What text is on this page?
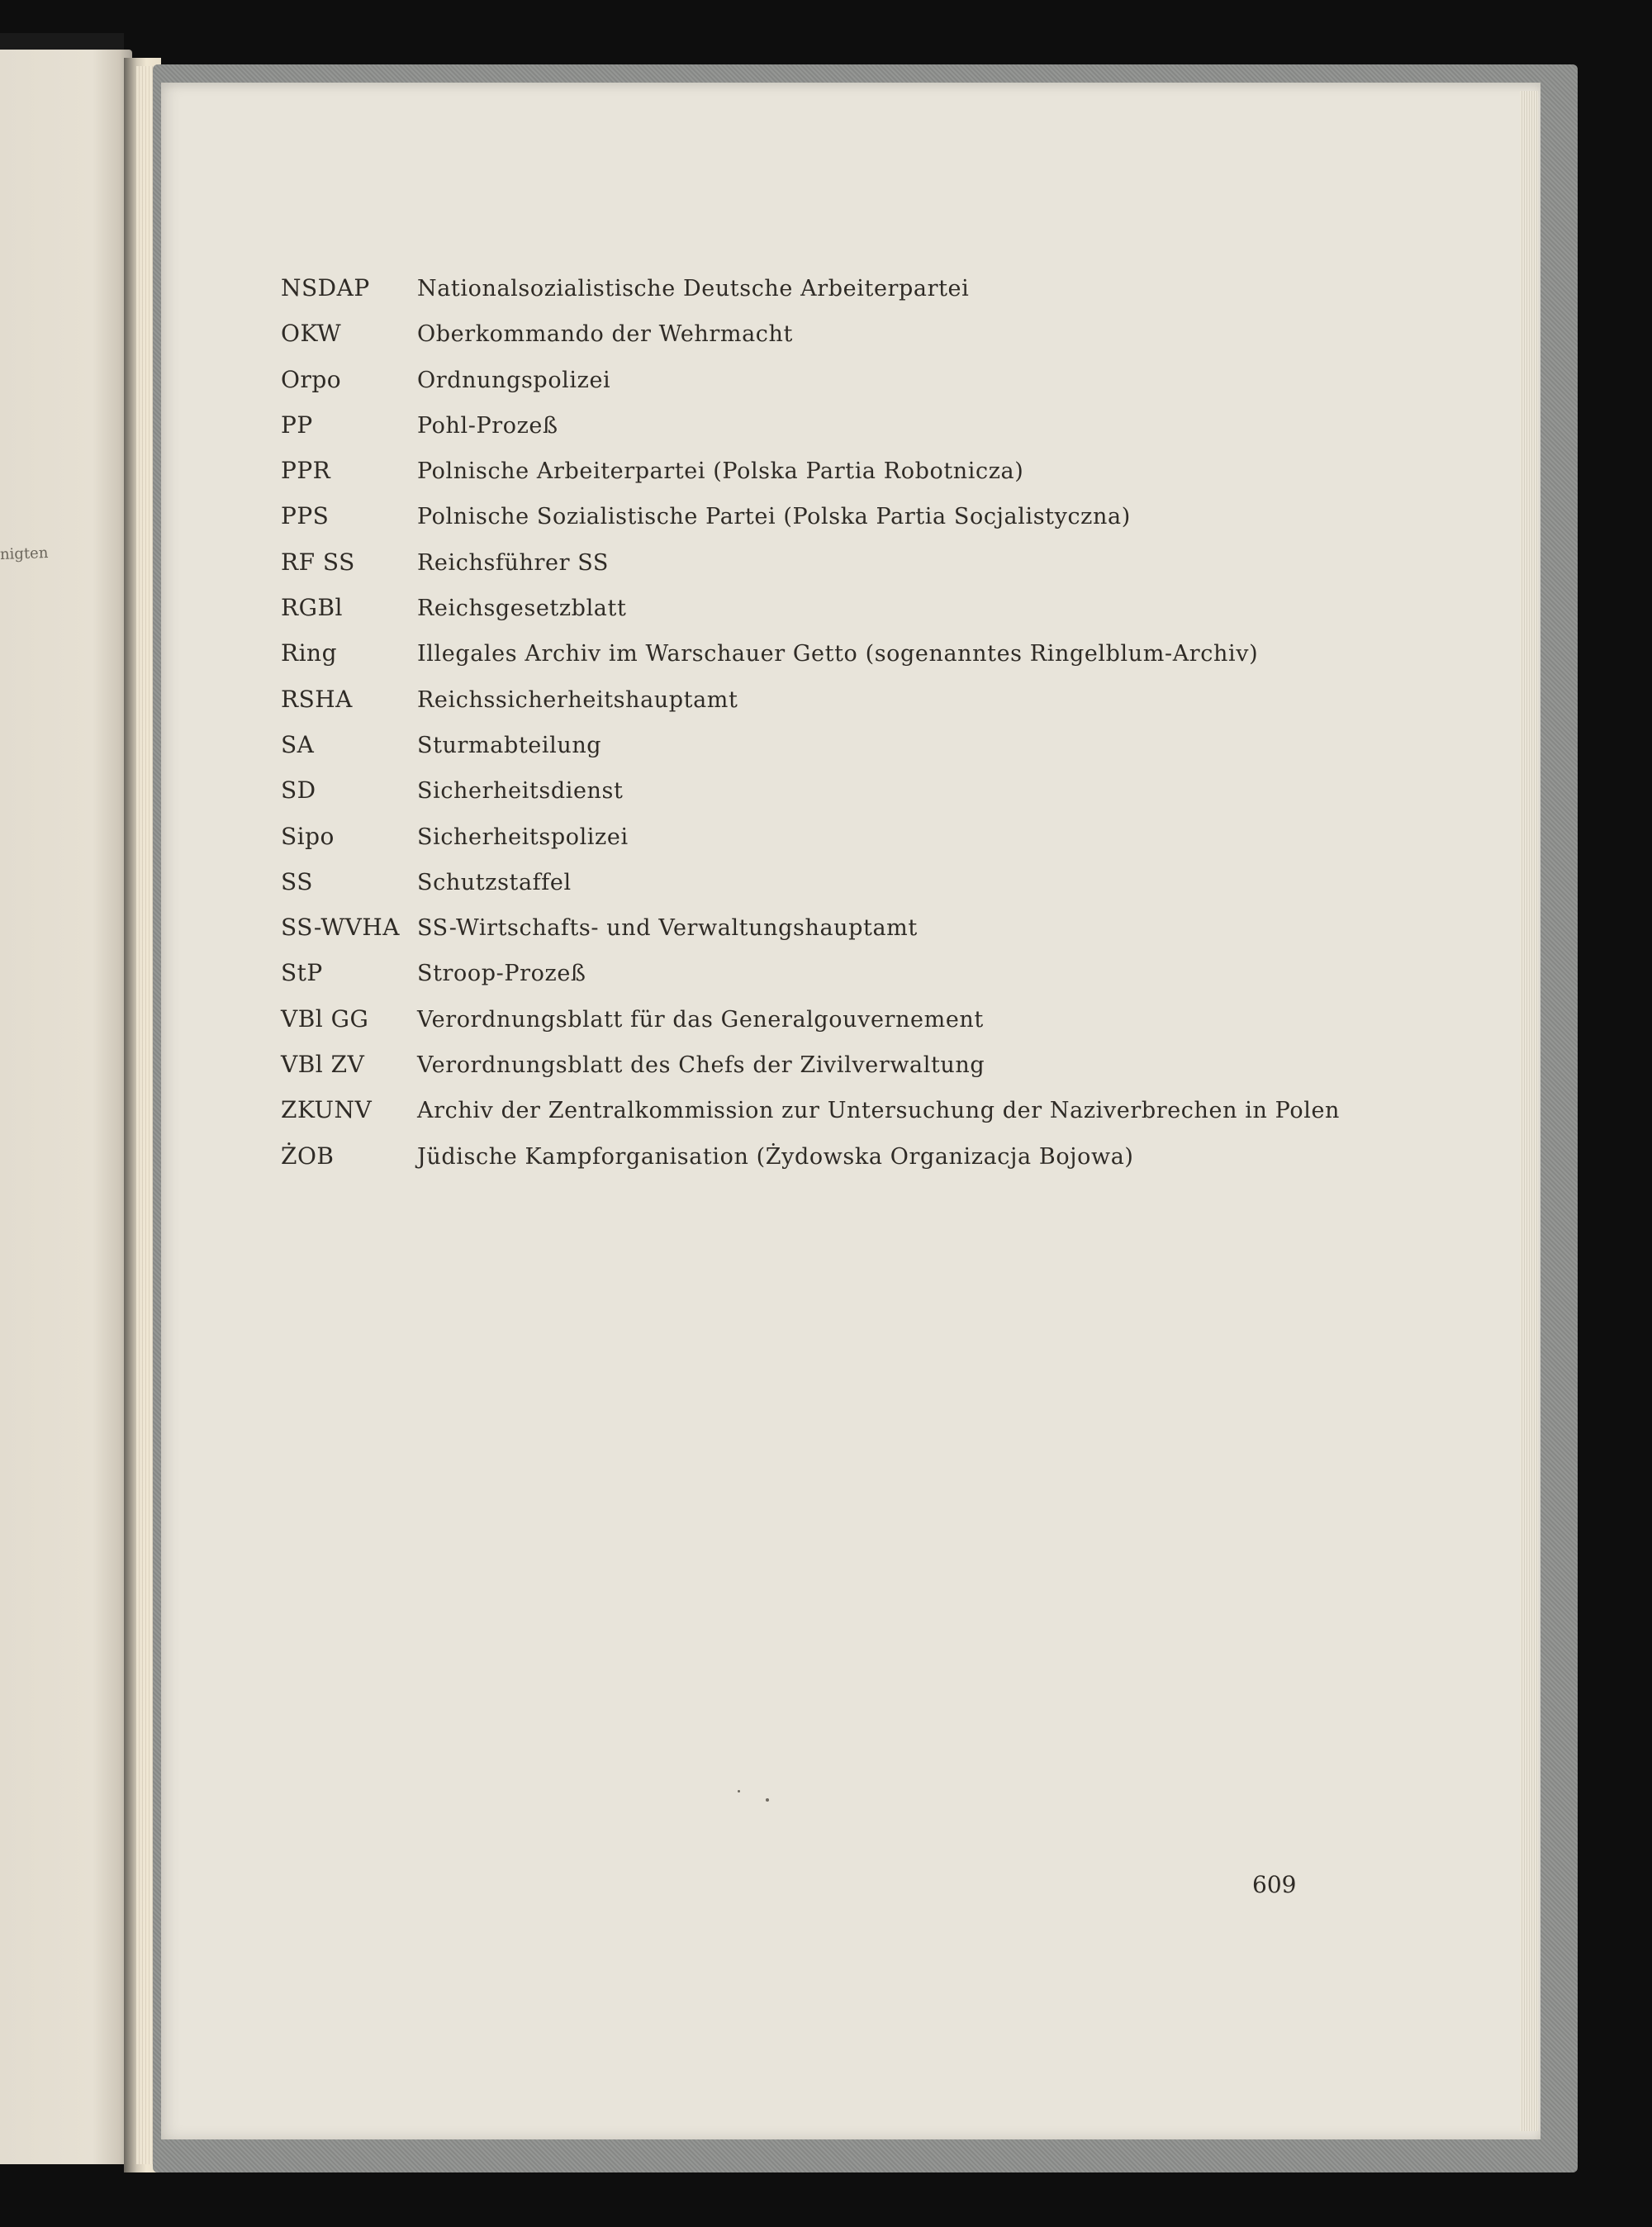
nigten
NSDAP	Nationalsozialistische Deutsche Arbeiterpartei
OKW	Oberkommando der Wehrmacht
Orpo	Ordnungspolizei
PP	Pohl-Prozeß
PPR	Polnische Arbeiterpartei (Polska Partia Robotnicza)
PPS	Polnische Sozialistische Partei (Polska Partia Socjalistyczna)
RF SS	Reichsführer SS
RGBl	Reichsgesetzblatt
Ring	Illegales Archiv im Warschauer Getto (sogenanntes Ringelblum-Archiv)
RSHA	Reichssicherheitshauptamt
SA	Sturmabteilung
SD	Sicherheitsdienst
Sipo	Sicherheitspolizei
SS	Schutzstaffel
SS-WVHA SS-Wirtschafts- und Verwaltungshauptamt
StP	Stroop-Prozeß
VBl GG	Verordnungsblatt für das Generalgouvernement
VBl ZV	Verordnungsblatt des Chefs der Zivilverwaltung
ZKUNV	Archiv der Zentralkommission zur Untersuchung der Naziverbrechen in Polen
ŻOB	Jüdische Kampforganisation (Żydowska Organizacja Bojowa)
609
